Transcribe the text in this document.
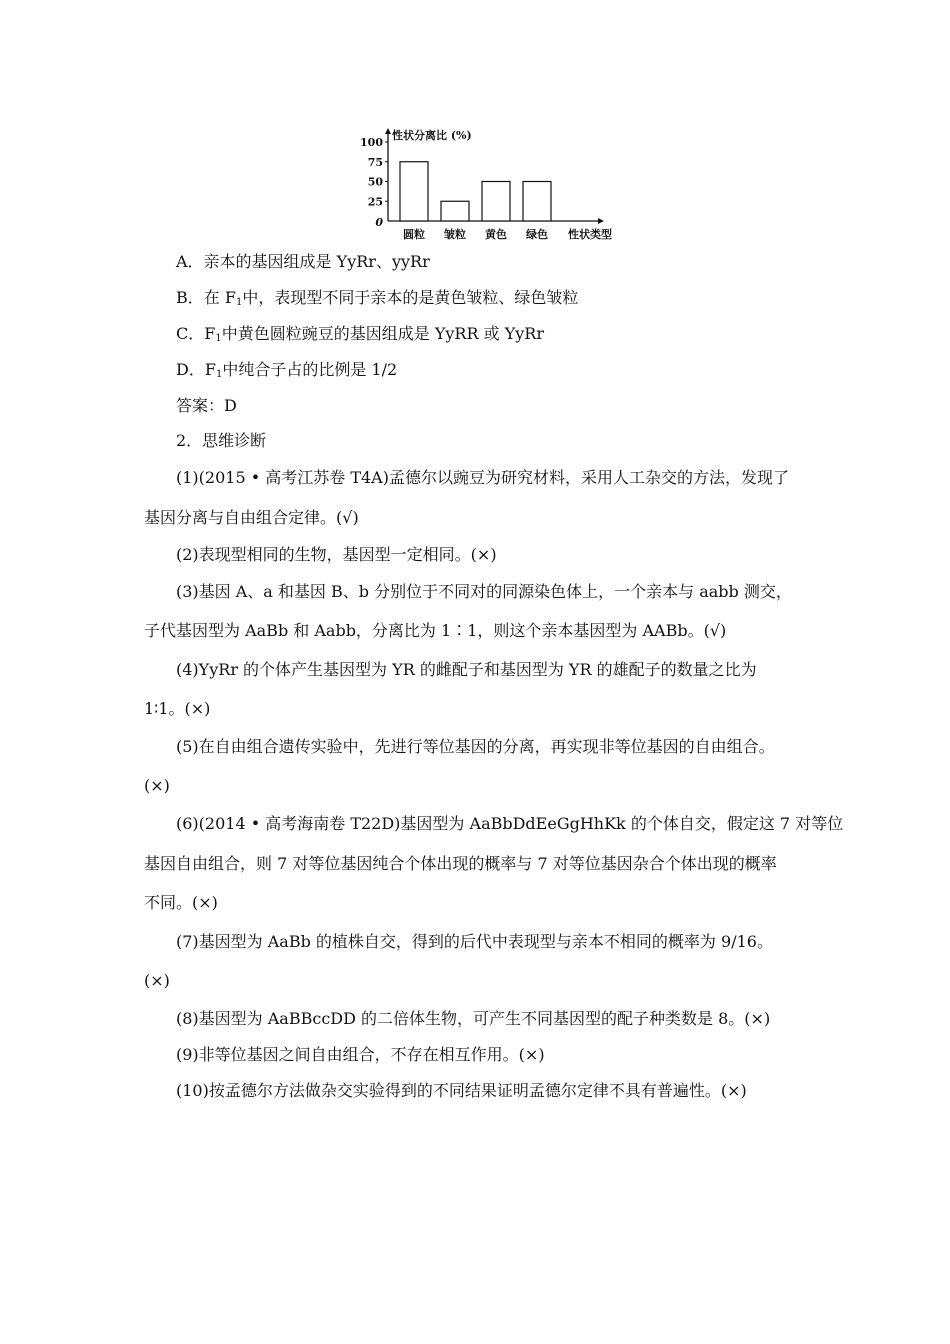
性状分离比 (%)
25
50
75
100
0
圆粒 皱粒 黄色 绿色 性状类型
A．亲本的基因组成是 YyRr、yyRr
B．在 $F_1$中，表现型不同于亲本的是黄色皱粒、绿色皱粒
C．$F_1$中黄色圆粒豌豆的基因组成是 YyRR 或 YyRr
D．$F_1$中纯合子占的比例是 1/2
答案：D
2．思维诊断
(1)(2015 • 高考江苏卷 T4A)孟德尔以豌豆为研究材料，采用人工杂交的方法，发现了
基因分离与自由组合定律。(√)
(2)表现型相同的生物，基因型一定相同。(×)
(3)基因 A、a 和基因 B、b 分别位于不同对的同源染色体上，一个亲本与 aabb 测交，
子代基因型为 AaBb 和 Aabb，分离比为 1∶1，则这个亲本基因型为 AABb。(√)
(4)YyRr 的个体产生基因型为 YR 的雌配子和基因型为 YR 的雄配子的数量之比为
1∶1。(×)
(5)在自由组合遗传实验中，先进行等位基因的分离，再实现非等位基因的自由组合。
(×)
(6)(2014 • 高考海南卷 T22D)基因型为 AaBbDdEeGgHhKk 的个体自交，假定这 7 对等位
基因自由组合，则 7 对等位基因纯合个体出现的概率与 7 对等位基因杂合个体出现的概率
不同。(×)
(7)基因型为 AaBb 的植株自交，得到的后代中表现型与亲本不相同的概率为 9/16。
(×)
(8)基因型为 AaBBccDD 的二倍体生物，可产生不同基因型的配子种类数是 8。(×)
(9)非等位基因之间自由组合，不存在相互作用。(×)
(10)按孟德尔方法做杂交实验得到的不同结果证明孟德尔定律不具有普遍性。(×)
